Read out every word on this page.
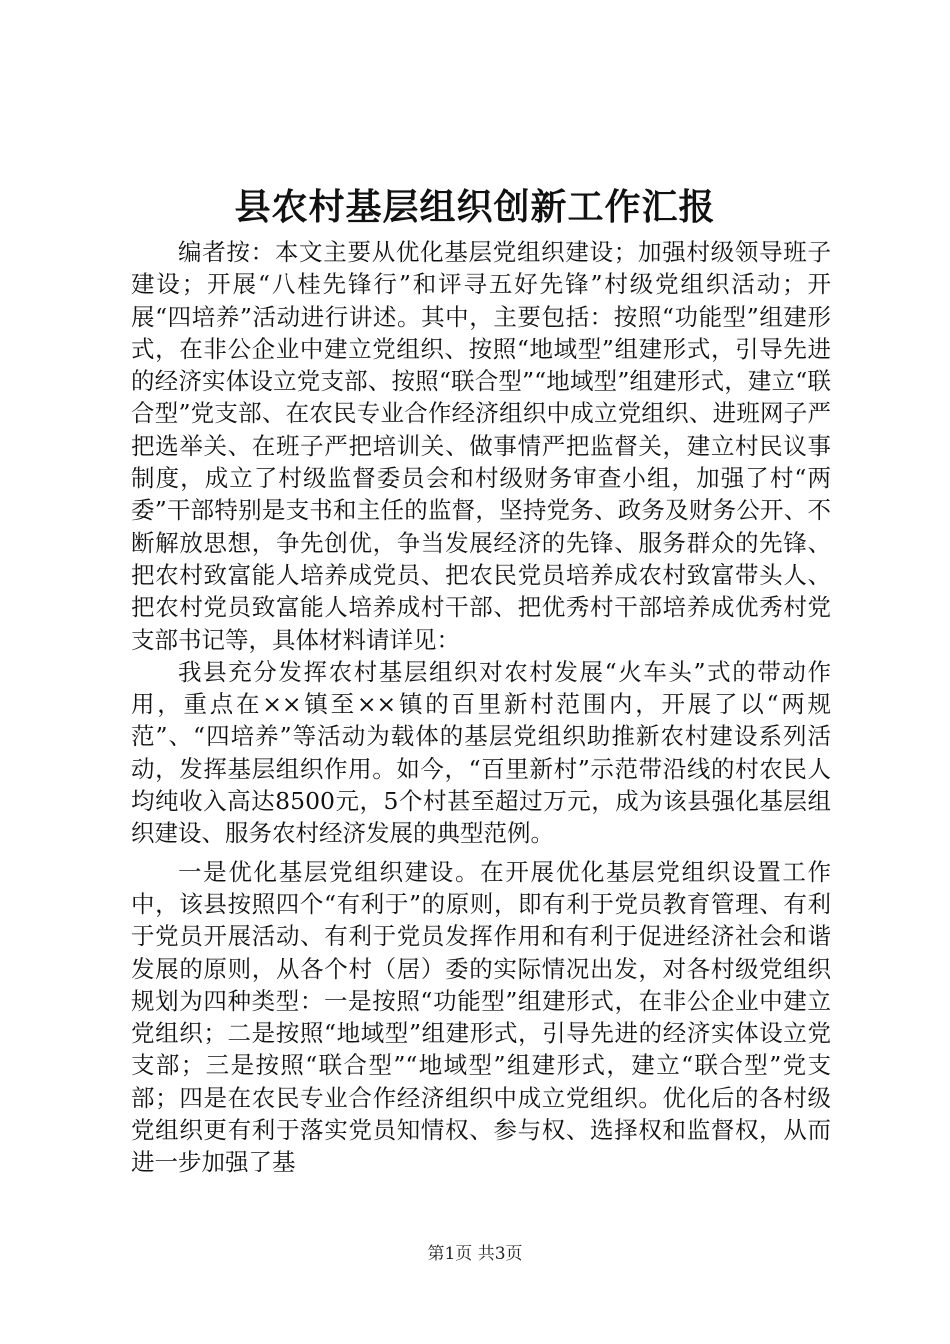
县农村基层组织创新工作汇报

编者按：本文主要从优化基层党组织建设；加强村级领导班子建设；开展“八桂先锋行”和评寻五好先锋”村级党组织活动；开展“四培养”活动进行讲述。其中，主要包括：按照“功能型”组建形式，在非公企业中建立党组织、按照“地域型”组建形式，引导先进的经济实体设立党支部、按照“联合型”“地域型”组建形式，建立“联合型”党支部、在农民专业合作经济组织中成立党组织、进班网子严把选举关、在班子严把培训关、做事情严把监督关，建立村民议事制度，成立了村级监督委员会和村级财务审查小组，加强了村“两委”干部特别是支书和主任的监督，坚持党务、政务及财务公开、不断解放思想，争先创优，争当发展经济的先锋、服务群众的先锋、把农村致富能人培养成党员、把农民党员培养成农村致富带头人、把农村党员致富能人培养成村干部、把优秀村干部培养成优秀村党支部书记等，具体材料请详见：

我县充分发挥农村基层组织对农村发展“火车头”式的带动作用，重点在××镇至××镇的百里新村范围内，开展了以“两规范”、“四培养”等活动为载体的基层党组织助推新农村建设系列活动，发挥基层组织作用。如今，“百里新村”示范带沿线的村农民人均纯收入高达8500元，5个村甚至超过万元，成为该县强化基层组织建设、服务农村经济发展的典型范例。

一是优化基层党组织建设。在开展优化基层党组织设置工作中，该县按照四个“有利于”的原则，即有利于党员教育管理、有利于党员开展活动、有利于党员发挥作用和有利于促进经济社会和谐发展的原则，从各个村（居）委的实际情况出发，对各村级党组织规划为四种类型：一是按照“功能型”组建形式，在非公企业中建立党组织；二是按照“地域型”组建形式，引导先进的经济实体设立党支部；三是按照“联合型”“地域型”组建形式，建立“联合型”党支部；四是在农民专业合作经济组织中成立党组织。优化后的各村级党组织更有利于落实党员知情权、参与权、选择权和监督权，从而进一步加强了基

第1页 共3页
